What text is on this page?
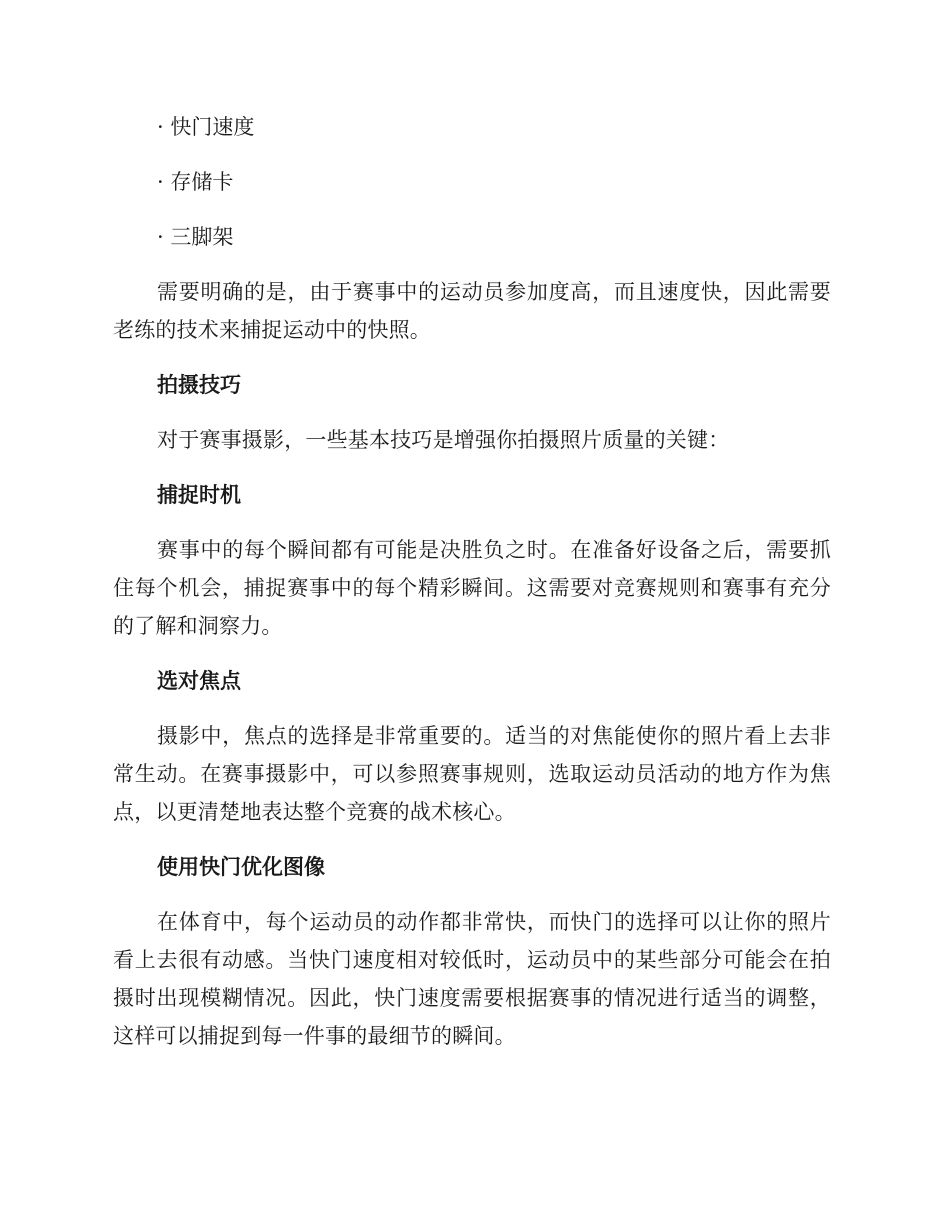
· 快门速度

· 存储卡

· 三脚架

需要明确的是，由于赛事中的运动员参加度高，而且速度快，因此需要老练的技术来捕捉运动中的快照。

拍摄技巧

对于赛事摄影，一些基本技巧是增强你拍摄照片质量的关键：

捕捉时机

赛事中的每个瞬间都有可能是决胜负之时。在准备好设备之后，需要抓住每个机会，捕捉赛事中的每个精彩瞬间。这需要对竞赛规则和赛事有充分的了解和洞察力。

选对焦点

摄影中，焦点的选择是非常重要的。适当的对焦能使你的照片看上去非常生动。在赛事摄影中，可以参照赛事规则，选取运动员活动的地方作为焦点，以更清楚地表达整个竞赛的战术核心。

使用快门优化图像

在体育中，每个运动员的动作都非常快，而快门的选择可以让你的照片看上去很有动感。当快门速度相对较低时，运动员中的某些部分可能会在拍摄时出现模糊情况。因此，快门速度需要根据赛事的情况进行适当的调整，这样可以捕捉到每一件事的最细节的瞬间。
